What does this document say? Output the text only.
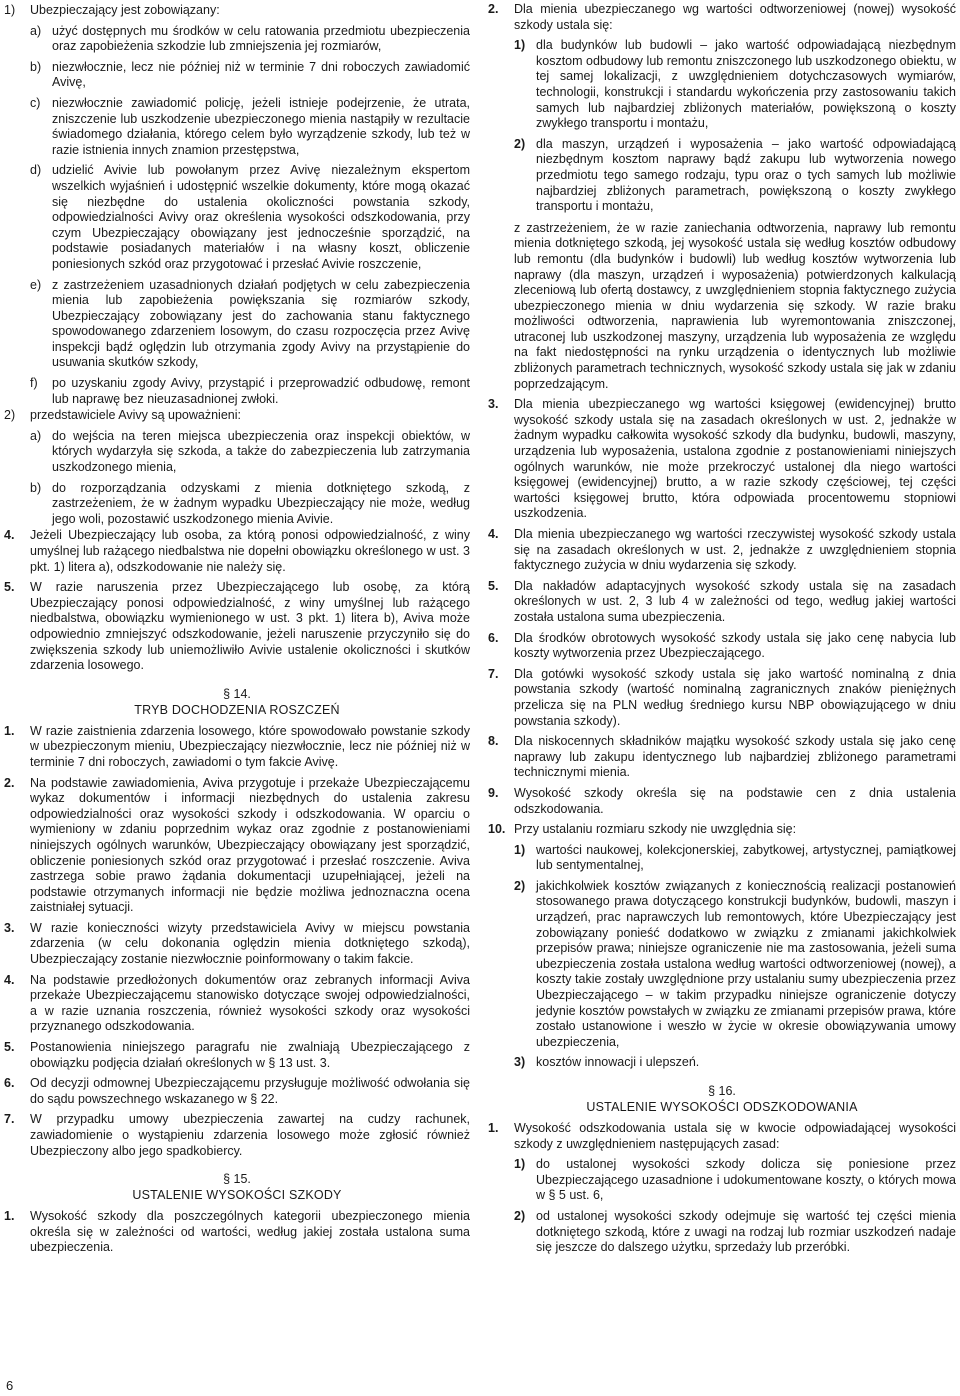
1) Ubezpieczający jest zobowiązany:
a) użyć dostępnych mu środków w celu ratowania przedmiotu ubezpieczenia oraz zapobieżenia szkodzie lub zmniejszenia jej rozmiarów,
b) niezwłocznie, lecz nie później niż w terminie 7 dni roboczych zawiadomić Avivę,
c) niezwłocznie zawiadomić policję, jeżeli istnieje podejrzenie, że utrata, zniszczenie lub uszkodzenie ubezpieczonego mienia nastąpiły w rezultacie świadomego działania, którego celem było wyrządzenie szkody, lub też w razie istnienia innych znamion przestępstwa,
d) udzielić Avivie lub powołanym przez Avivę niezależnym ekspertom wszelkich wyjaśnień i udostępnić wszelkie dokumenty, które mogą okazać się niezbędne do ustalenia okoliczności powstania szkody, odpowiedzialności Avivy oraz określenia wysokości odszkodowania, przy czym Ubezpieczający obowiązany jest jednocześnie sporządzić, na podstawie posiadanych materiałów i na własny koszt, obliczenie poniesionych szkód oraz przygotować i przesłać Avivie roszczenie,
e) z zastrzeżeniem uzasadnionych działań podjętych w celu zabezpieczenia mienia lub zapobieżenia powiększania się rozmiarów szkody, Ubezpieczający zobowiązany jest do zachowania stanu faktycznego spowodowanego zdarzeniem losowym, do czasu rozpoczęcia przez Avivę inspekcji bądź oględzin lub otrzymania zgody Avivy na przystąpienie do usuwania skutków szkody,
f) po uzyskaniu zgody Avivy, przystąpić i przeprowadzić odbudowę, remont lub naprawę bez nieuzasadnionej zwłoki.
2) przedstawiciele Avivy są upoważnieni:
a) do wejścia na teren miejsca ubezpieczenia oraz inspekcji obiektów, w których wydarzyła się szkoda, a także do zabezpieczenia lub zatrzymania uszkodzonego mienia,
b) do rozporządzania odzyskami z mienia dotkniętego szkodą, z zastrzeżeniem, że w żadnym wypadku Ubezpieczający nie może, według jego woli, pozostawić uszkodzonego mienia Avivie.
4. Jeżeli Ubezpieczający lub osoba, za którą ponosi odpowiedzialność, z winy umyślnej lub rażącego niedbalstwa nie dopełni obowiązku określonego w ust. 3 pkt. 1) litera a), odszkodowanie nie należy się.
5. W razie naruszenia przez Ubezpieczającego lub osobę, za którą Ubezpieczający ponosi odpowiedzialność, z winy umyślnej lub rażącego niedbalstwa, obowiązku wymienionego w ust. 3 pkt. 1) litera b), Aviva może odpowiednio zmniejszyć odszkodowanie, jeżeli naruszenie przyczyniło się do zwiększenia szkody lub uniemożliwiło Avivie ustalenie okoliczności i skutków zdarzenia losowego.
§ 14.
TRYB DOCHODZENIA ROSZCZEŃ
1. W razie zaistnienia zdarzenia losowego, które spowodowało powstanie szkody w ubezpieczonym mieniu, Ubezpieczający niezwłocznie, lecz nie później niż w terminie 7 dni roboczych, zawiadomi o tym fakcie Avivę.
2. Na podstawie zawiadomienia, Aviva przygotuje i przekaże Ubezpieczającemu wykaz dokumentów i informacji niezbędnych do ustalenia zakresu odpowiedzialności oraz wysokości szkody i odszkodowania. W oparciu o wymieniony w zdaniu poprzednim wykaz oraz zgodnie z postanowieniami niniejszych ogólnych warunków, Ubezpieczający obowiązany jest sporządzić, obliczenie poniesionych szkód oraz przygotować i przesłać roszczenie. Aviva zastrzega sobie prawo żądania dokumentacji uzupełniającej, jeżeli na podstawie otrzymanych informacji nie będzie możliwa jednoznaczna ocena zaistniałej sytuacji.
3. W razie konieczności wizyty przedstawiciela Avivy w miejscu powstania zdarzenia (w celu dokonania oględzin mienia dotkniętego szkodą), Ubezpieczający zostanie niezwłocznie poinformowany o takim fakcie.
4. Na podstawie przedłożonych dokumentów oraz zebranych informacji Aviva przekaże Ubezpieczającemu stanowisko dotyczące swojej odpowiedzialności, a w razie uznania roszczenia, również wysokości szkody oraz wysokości przyznanego odszkodowania.
5. Postanowienia niniejszego paragrafu nie zwalniają Ubezpieczającego z obowiązku podjęcia działań określonych w § 13 ust. 3.
6. Od decyzji odmownej Ubezpieczającemu przysługuje możliwość odwołania się do sądu powszechnego wskazanego w § 22.
7. W przypadku umowy ubezpieczenia zawartej na cudzy rachunek, zawiadomienie o wystąpieniu zdarzenia losowego może zgłosić również Ubezpieczony albo jego spadkobiercy.
§ 15.
USTALENIE WYSOKOŚCI SZKODY
1. Wysokość szkody dla poszczególnych kategorii ubezpieczonego mienia określa się w zależności od wartości, według jakiej została ustalona suma ubezpieczenia.
2. Dla mienia ubezpieczanego wg wartości odtworzeniowej (nowej) wysokość szkody ustala się:
1) dla budynków lub budowli – jako wartość odpowiadającą niezbędnym kosztom odbudowy lub remontu zniszczonego lub uszkodzonego obiektu, w tej samej lokalizacji, z uwzględnieniem dotychczasowych wymiarów, technologii, konstrukcji i standardu wykończenia przy zastosowaniu takich samych lub najbardziej zbliżonych materiałów, powiększoną o koszty zwykłego transportu i montażu,
2) dla maszyn, urządzeń i wyposażenia – jako wartość odpowiadającą niezbędnym kosztom naprawy bądź zakupu lub wytworzenia nowego przedmiotu tego samego rodzaju, typu oraz o tych samych lub możliwie najbardziej zbliżonych parametrach, powiększoną o koszty zwykłego transportu i montażu,
z zastrzeżeniem, że w razie zaniechania odtworzenia, naprawy lub remontu mienia dotkniętego szkodą, jej wysokość ustala się według kosztów odbudowy lub remontu (dla budynków i budowli) lub według kosztów wytworzenia lub naprawy (dla maszyn, urządzeń i wyposażenia) potwierdzonych kalkulacją zleceniową lub ofertą dostawcy, z uwzględnieniem stopnia faktycznego zużycia ubezpieczonego mienia w dniu wydarzenia się szkody. W razie braku możliwości odtworzenia, naprawienia lub wyremontowania zniszczonej, utraconej lub uszkodzonej maszyny, urządzenia lub wyposażenia ze względu na fakt niedostępności na rynku urządzenia o identycznych lub możliwie zbliżonych parametrach technicznych, wysokość szkody ustala się jak w zdaniu poprzedzającym.
3. Dla mienia ubezpieczanego wg wartości księgowej (ewidencyjnej) brutto wysokość szkody ustala się na zasadach określonych w ust. 2, jednakże w żadnym wypadku całkowita wysokość szkody dla budynku, budowli, maszyny, urządzenia lub wyposażenia, ustalona zgodnie z postanowieniami niniejszych ogólnych warunków, nie może przekroczyć ustalonej dla niego wartości księgowej (ewidencyjnej) brutto, a w razie szkody częściowej, tej części wartości księgowej brutto, która odpowiada procentowemu stopniowi uszkodzenia.
4. Dla mienia ubezpieczanego wg wartości rzeczywistej wysokość szkody ustala się na zasadach określonych w ust. 2, jednakże z uwzględnieniem stopnia faktycznego zużycia w dniu wydarzenia się szkody.
5. Dla nakładów adaptacyjnych wysokość szkody ustala się na zasadach określonych w ust. 2, 3 lub 4 w zależności od tego, według jakiej wartości została ustalona suma ubezpieczenia.
6. Dla środków obrotowych wysokość szkody ustala się jako cenę nabycia lub koszty wytworzenia przez Ubezpieczającego.
7. Dla gotówki wysokość szkody ustala się jako wartość nominalną z dnia powstania szkody (wartość nominalną zagranicznych znaków pieniężnych przelicza się na PLN według średniego kursu NBP obowiązującego w dniu powstania szkody).
8. Dla niskocennych składników majątku wysokość szkody ustala się jako cenę naprawy lub zakupu identycznego lub najbardziej zbliżonego parametrami technicznymi mienia.
9. Wysokość szkody określa się na podstawie cen z dnia ustalenia odszkodowania.
10. Przy ustalaniu rozmiaru szkody nie uwzględnia się:
1) wartości naukowej, kolekcjonerskiej, zabytkowej, artystycznej, pamiątkowej lub sentymentalnej,
2) jakichkolwiek kosztów związanych z koniecznością realizacji postanowień stosowanego prawa dotyczącego konstrukcji budynków, budowli, maszyn i urządzeń, prac naprawczych lub remontowych, które Ubezpieczający jest zobowiązany ponieść dodatkowo w związku z zmianami jakichkolwiek przepisów prawa; niniejsze ograniczenie nie ma zastosowania, jeżeli suma ubezpieczenia została ustalona według wartości odtworzeniowej (nowej), a koszty takie zostały uwzględnione przy ustalaniu sumy ubezpieczenia przez Ubezpieczającego – w takim przypadku niniejsze ograniczenie dotyczy jedynie kosztów powstałych w związku ze zmianami przepisów prawa, które zostało ustanowione i weszło w życie w okresie obowiązywania umowy ubezpieczenia,
3) kosztów innowacji i ulepszeń.
§ 16.
USTALENIE WYSOKOŚCI ODSZKODOWANIA
1. Wysokość odszkodowania ustala się w kwocie odpowiadającej wysokości szkody z uwzględnieniem następujących zasad:
1) do ustalonej wysokości szkody dolicza się poniesione przez Ubezpieczającego uzasadnione i udokumentowane koszty, o których mowa w § 5 ust. 6,
2) od ustalonej wysokości szkody odejmuje się wartość tej części mienia dotkniętego szkodą, które z uwagi na rodzaj lub rozmiar uszkodzeń nadaje się jeszcze do dalszego użytku, sprzedaży lub przeróbki.
6
